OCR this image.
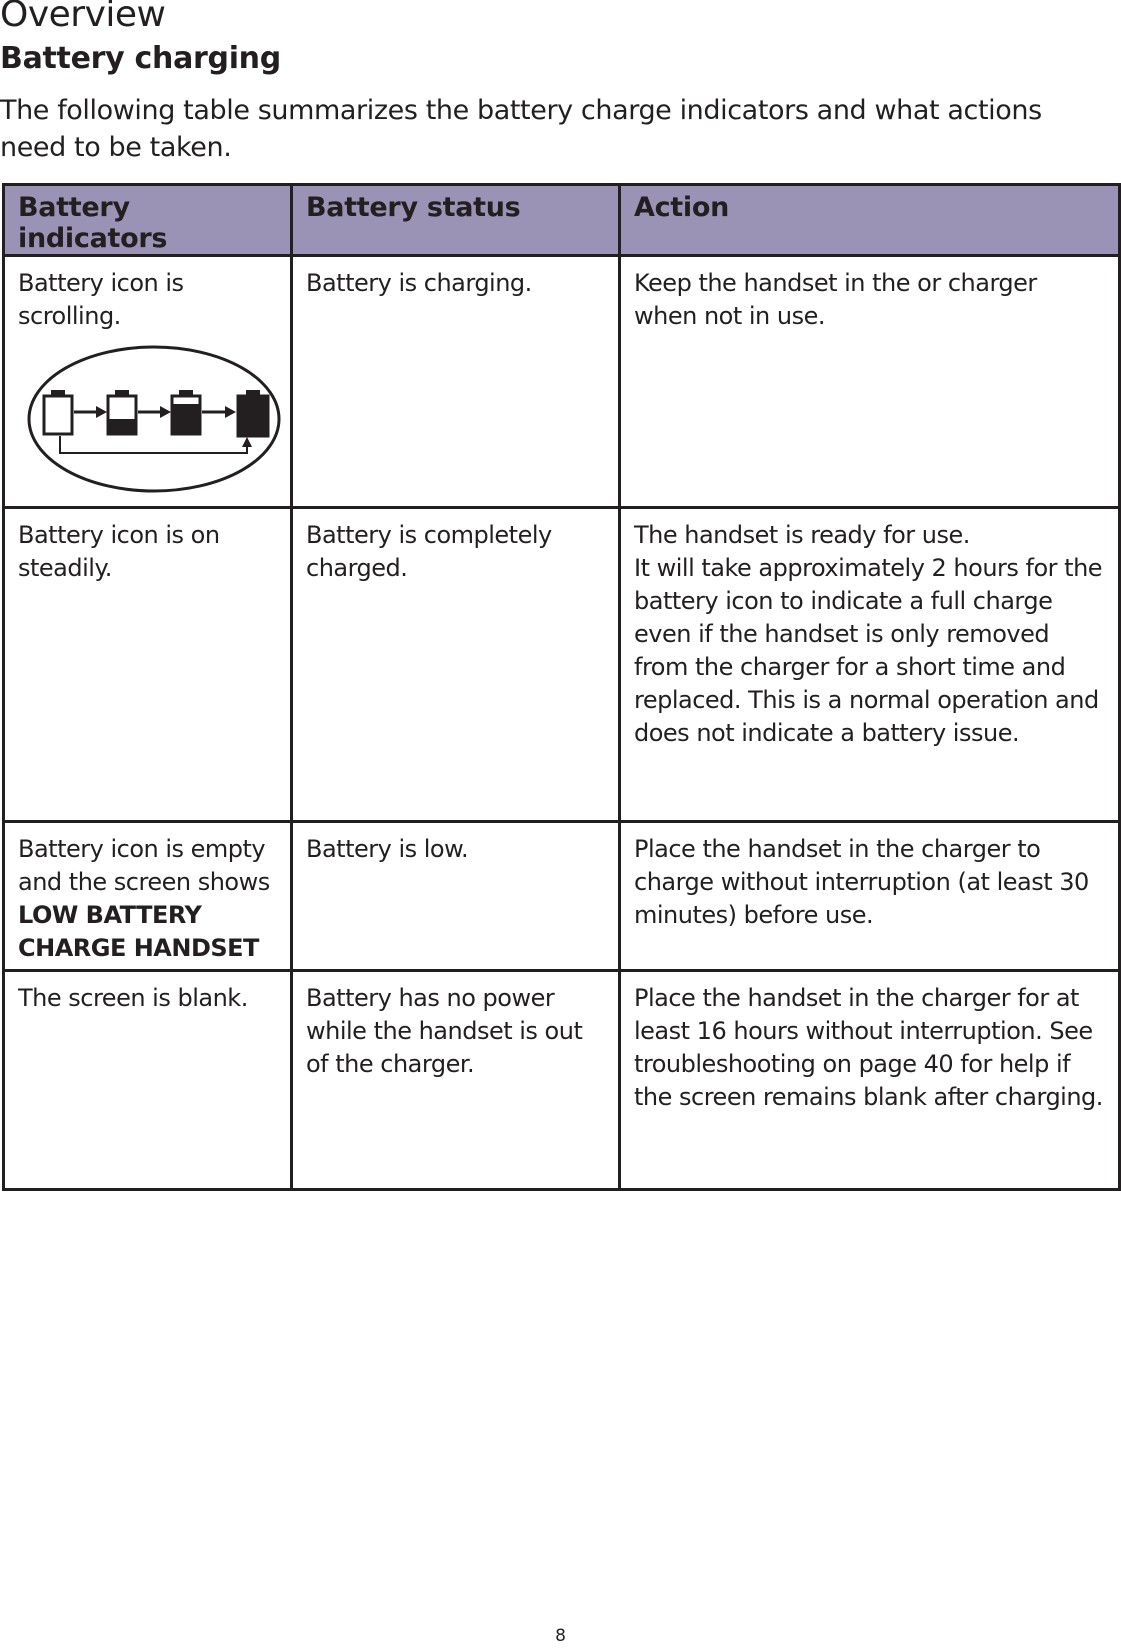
Overview
Battery charging

The following table summarizes the battery charge indicators and what actions need to be taken.

Battery indicators	Battery status	Action
Battery icon is scrolling.	Battery is charging.	Keep the handset in the or charger when not in use.
Battery icon is on steadily.	Battery is completely charged.	The handset is ready for use.
It will take approximately 2 hours for the battery icon to indicate a full charge even if the handset is only removed from the charger for a short time and replaced. This is a normal operation and does not indicate a battery issue.

Battery icon is empty and the screen shows
LOW BATTERY
CHARGE HANDSET	Battery is low.	Place the handset in the charger to charge without interruption (at least 30 minutes) before use.
The screen is blank.	Battery has no power while the handset is out of the charger.	Place the handset in the charger for at least 16 hours without interruption. See troubleshooting on page 40 for help if the screen remains blank after charging.
8
